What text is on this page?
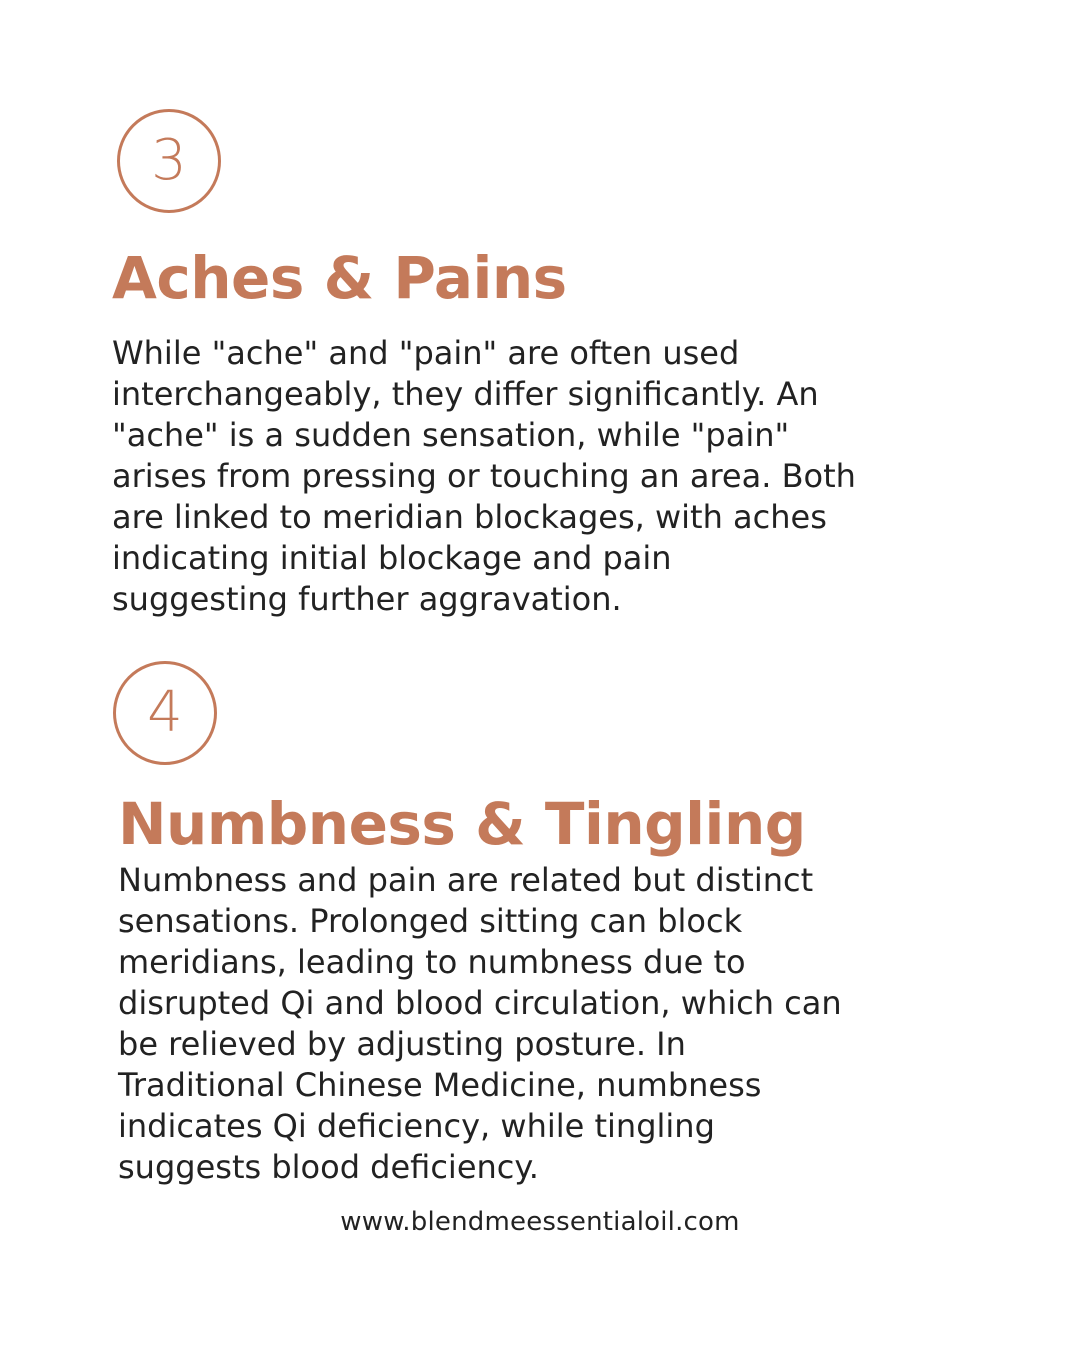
3
Aches & Pains

While "ache" and "pain" are often used
interchangeably, they differ significantly. An
"ache" is a sudden sensation, while "pain"
arises from pressing or touching an area. Both
are linked to meridian blockages, with aches
indicating initial blockage and pain
suggesting further aggravation.

4
Numbness & Tingling

Numbness and pain are related but distinct
sensations. Prolonged sitting can block
meridians, leading to numbness due to
disrupted Qi and blood circulation, which can
be relieved by adjusting posture. In
Traditional Chinese Medicine, numbness
indicates Qi deficiency, while tingling
suggests blood deficiency.

www.blendmeessentialoil.com
